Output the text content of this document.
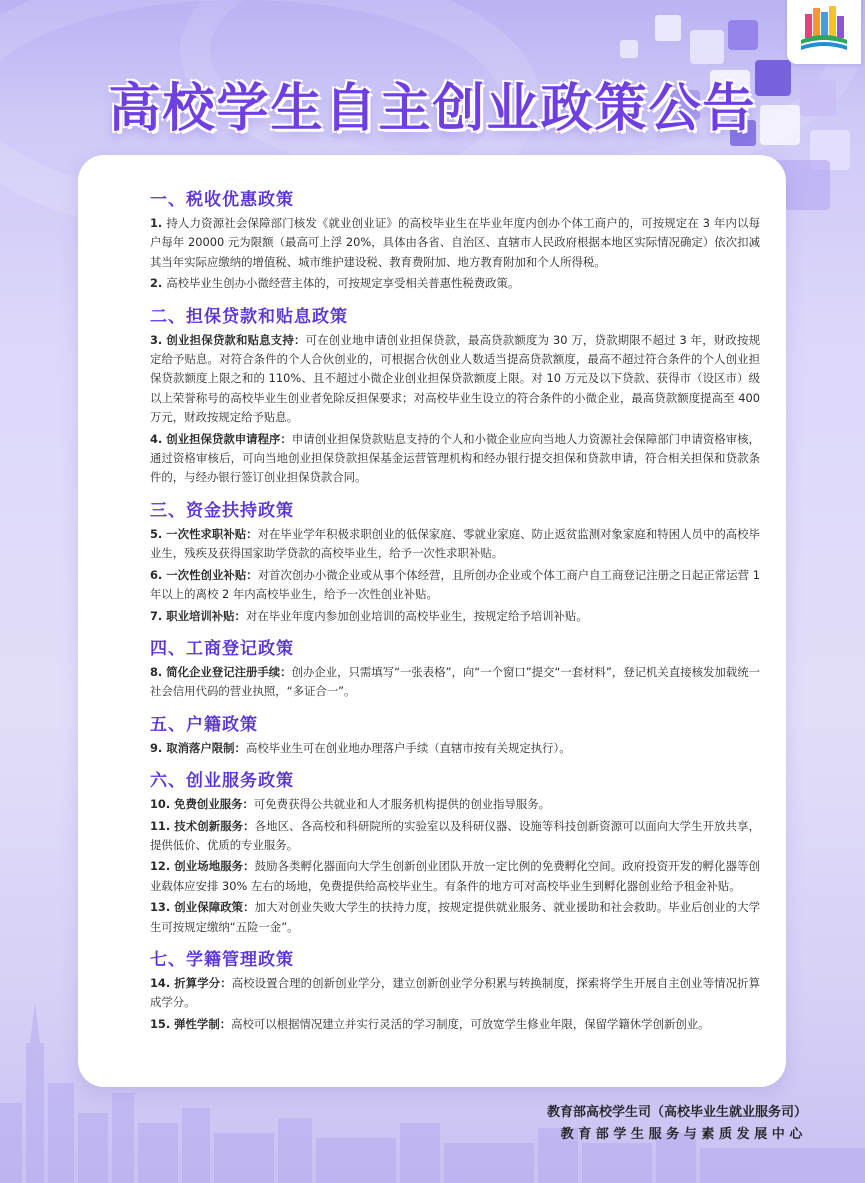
高校学生自主创业政策公告
一、税收优惠政策

1. 持人力资源社会保障部门核发《就业创业证》的高校毕业生在毕业年度内创办个体工商户的，可按规定在 3 年内以每户每年 20000 元为限额（最高可上浮 20%，具体由各省、自治区、直辖市人民政府根据本地区实际情况确定）依次扣减其当年实际应缴纳的增值税、城市维护建设税、教育费附加、地方教育附加和个人所得税。

2. 高校毕业生创办小微经营主体的，可按规定享受相关普惠性税费政策。

二、担保贷款和贴息政策

3. 创业担保贷款和贴息支持：可在创业地申请创业担保贷款，最高贷款额度为 30 万，贷款期限不超过 3 年，财政按规定给予贴息。对符合条件的个人合伙创业的，可根据合伙创业人数适当提高贷款额度，最高不超过符合条件的个人创业担保贷款额度上限之和的 110%、且不超过小微企业创业担保贷款额度上限。对 10 万元及以下贷款、获得市（设区市）级以上荣誉称号的高校毕业生创业者免除反担保要求；对高校毕业生设立的符合条件的小微企业，最高贷款额度提高至 400 万元，财政按规定给予贴息。

4. 创业担保贷款申请程序：申请创业担保贷款贴息支持的个人和小微企业应向当地人力资源社会保障部门申请资格审核，通过资格审核后，可向当地创业担保贷款担保基金运营管理机构和经办银行提交担保和贷款申请，符合相关担保和贷款条件的，与经办银行签订创业担保贷款合同。

三、资金扶持政策

5. 一次性求职补贴：对在毕业学年积极求职创业的低保家庭、零就业家庭、防止返贫监测对象家庭和特困人员中的高校毕业生，残疾及获得国家助学贷款的高校毕业生，给予一次性求职补贴。

6. 一次性创业补贴：对首次创办小微企业或从事个体经营，且所创办企业或个体工商户自工商登记注册之日起正常运营 1 年以上的离校 2 年内高校毕业生，给予一次性创业补贴。

7. 职业培训补贴：对在毕业年度内参加创业培训的高校毕业生，按规定给予培训补贴。

四、工商登记政策

8. 简化企业登记注册手续：创办企业，只需填写“一张表格”，向“一个窗口”提交“一套材料”，登记机关直接核发加载统一社会信用代码的营业执照，“多证合一”。

五、户籍政策

9. 取消落户限制：高校毕业生可在创业地办理落户手续（直辖市按有关规定执行）。

六、创业服务政策

10. 免费创业服务：可免费获得公共就业和人才服务机构提供的创业指导服务。

11. 技术创新服务：各地区、各高校和科研院所的实验室以及科研仪器、设施等科技创新资源可以面向大学生开放共享，提供低价、优质的专业服务。

12. 创业场地服务：鼓励各类孵化器面向大学生创新创业团队开放一定比例的免费孵化空间。政府投资开发的孵化器等创业载体应安排 30% 左右的场地，免费提供给高校毕业生。有条件的地方可对高校毕业生到孵化器创业给予租金补贴。

13. 创业保障政策：加大对创业失败大学生的扶持力度，按规定提供就业服务、就业援助和社会救助。毕业后创业的大学生可按规定缴纳“五险一金”。

七、学籍管理政策

14. 折算学分：高校设置合理的创新创业学分，建立创新创业学分积累与转换制度，探索将学生开展自主创业等情况折算成学分。

15. 弹性学制：高校可以根据情况建立并实行灵活的学习制度，可放宽学生修业年限，保留学籍休学创新创业。

教育部高校学生司（高校毕业生就业服务司）
教育部学生服务与素质发展中心
